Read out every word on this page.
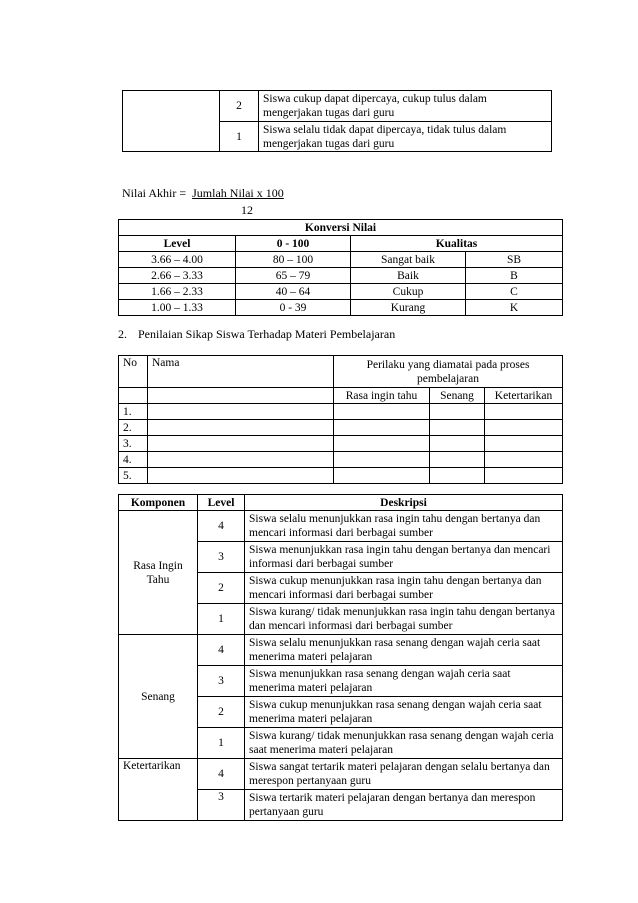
	2	Siswa cukup dapat dipercaya, cukup tulus dalam mengerjakan tugas dari guru
	1	Siswa selalu tidak dapat dipercaya, tidak tulus dalam mengerjakan tugas dari guru
Nilai Akhir = Jumlah Nilai x 100
12
Konversi Nilai			
Level	0 - 100	Kualitas	
3.66 – 4.00	80 – 100	Sangat baik	SB
2.66 – 3.33	65 – 79	Baik	B
1.66 – 2.33	40 – 64	Cukup	C
1.00 – 1.33	0 - 39	Kurang	K
2. Penilaian Sikap Siswa Terhadap Materi Pembelajaran
No	Nama	Perilaku yang diamatai pada proses pembelajaran		
		Rasa ingin tahu	Senang	Ketertarikan
1.				
2.				
3.				
4.				
5.				
Komponen	Level	Deskripsi
Rasa Ingin Tahu	4	Siswa selalu menunjukkan rasa ingin tahu dengan bertanya dan mencari informasi dari berbagai sumber
	3	Siswa menunjukkan rasa ingin tahu dengan bertanya dan mencari informasi dari berbagai sumber
	2	Siswa cukup menunjukkan rasa ingin tahu dengan bertanya dan mencari informasi dari berbagai sumber
	1	Siswa kurang/ tidak menunjukkan rasa ingin tahu dengan bertanya dan mencari informasi dari berbagai sumber
Senang	4	Siswa selalu menunjukkan rasa senang dengan wajah ceria saat menerima materi pelajaran
	3	Siswa menunjukkan rasa senang dengan wajah ceria saat menerima materi pelajaran
	2	Siswa cukup menunjukkan rasa senang dengan wajah ceria saat menerima materi pelajaran
	1	Siswa kurang/ tidak menunjukkan rasa senang dengan wajah ceria saat menerima materi pelajaran
Ketertarikan	4	Siswa sangat tertarik materi pelajaran dengan selalu bertanya dan merespon pertanyaan guru
	3	Siswa tertarik materi pelajaran dengan bertanya dan merespon pertanyaan guru
